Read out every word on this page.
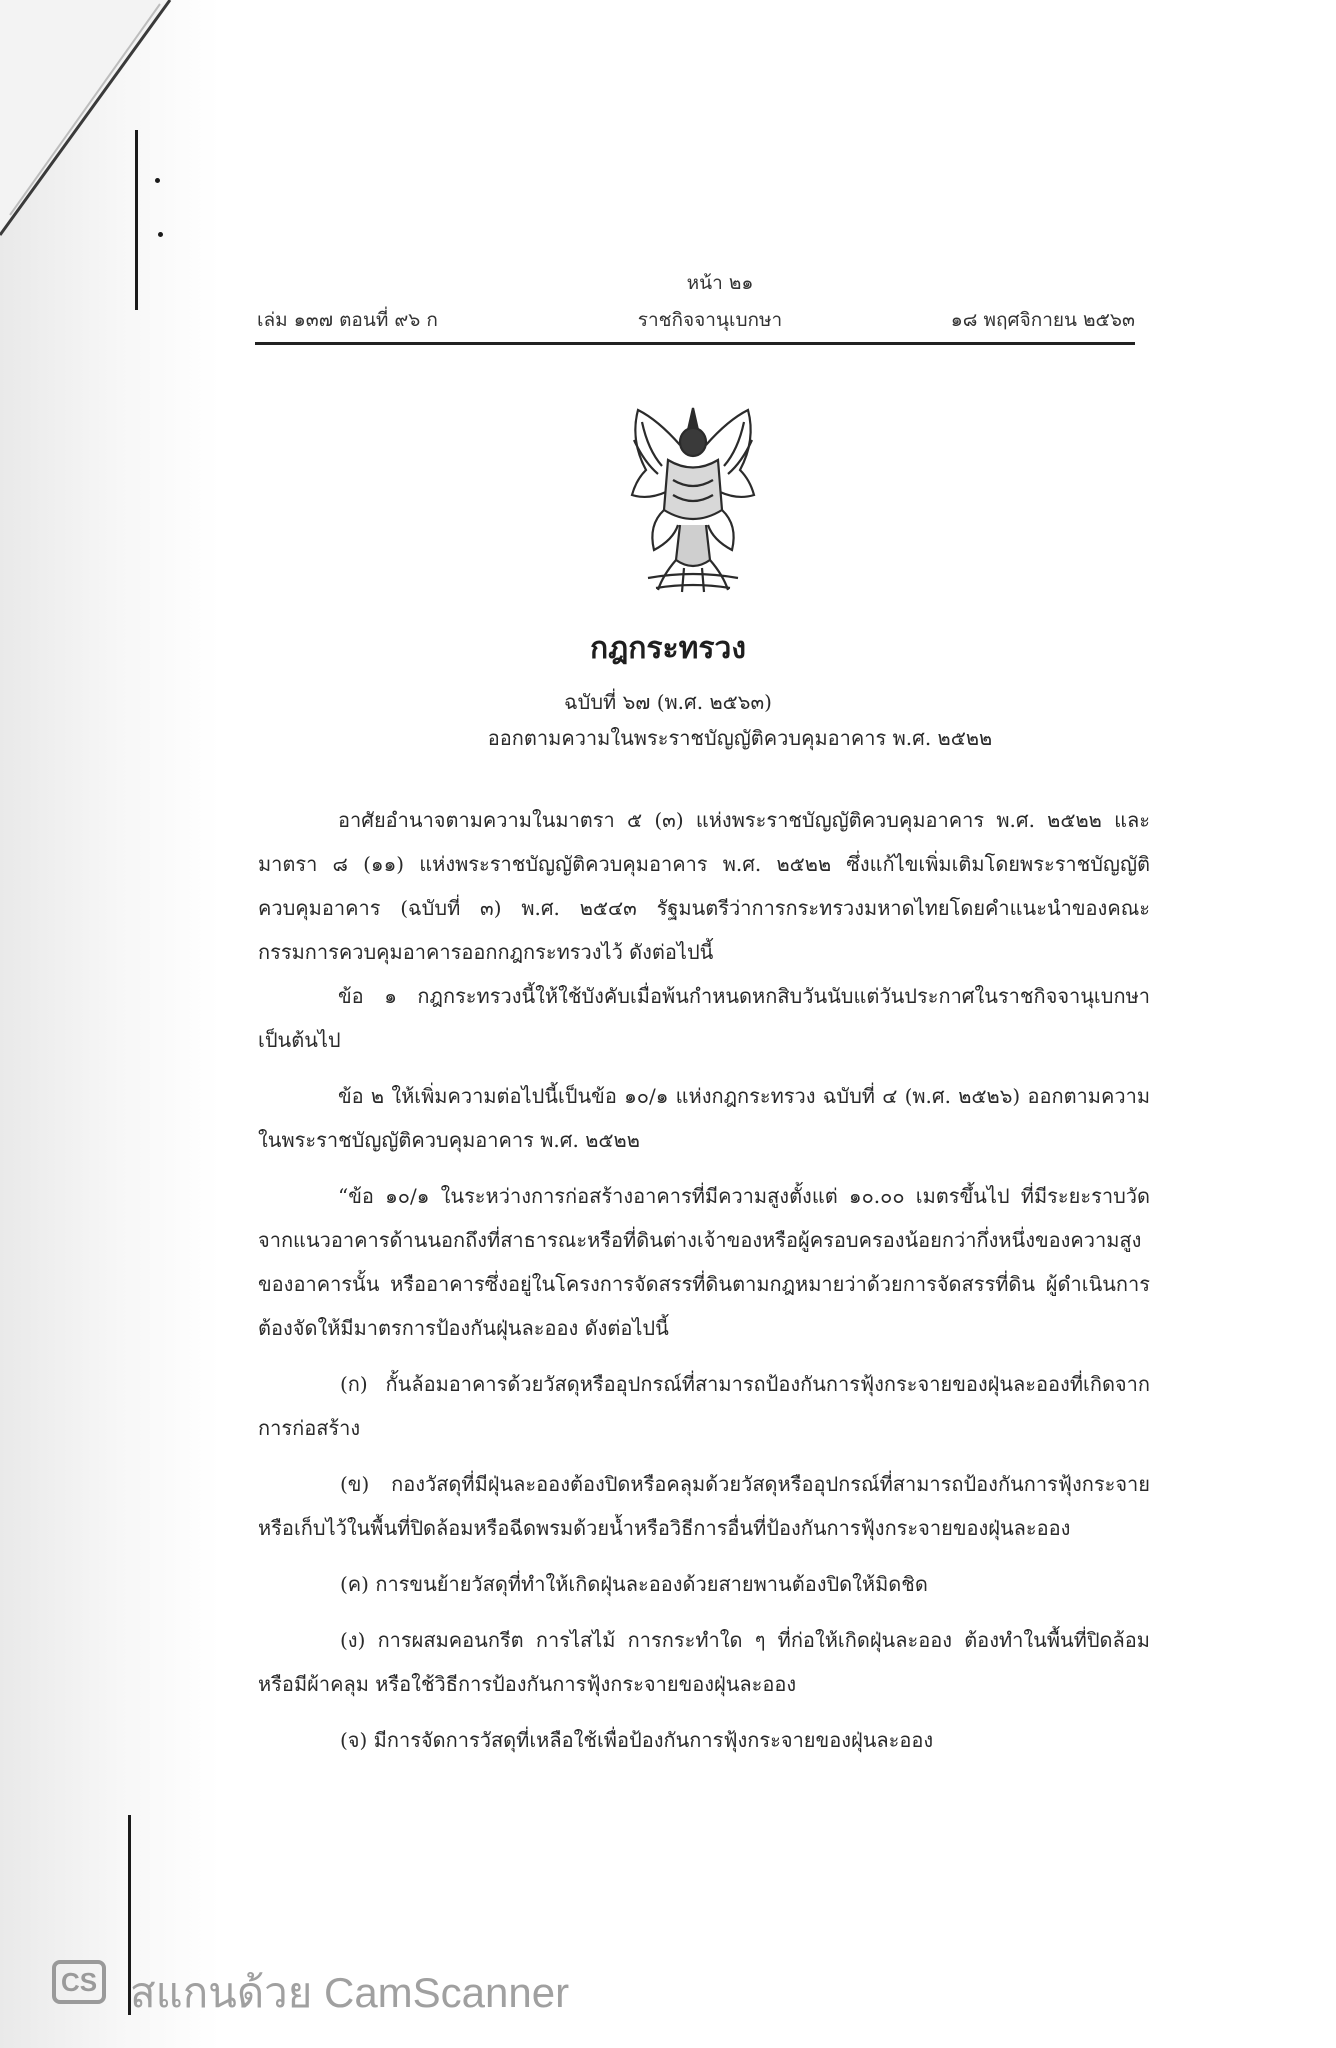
หน้า ๒๑
เล่ม ๑๓๗ ตอนที่ ๙๖ ก	ราชกิจจานุเบกษา	๑๘ พฤศจิกายน ๒๕๖๓
กฎกระทรวง
ฉบับที่ ๖๗ (พ.ศ. ๒๕๖๓)
ออกตามความในพระราชบัญญัติควบคุมอาคาร พ.ศ. ๒๕๒๒

อาศัยอำนาจตามความในมาตรา ๕ (๓) แห่งพระราชบัญญัติควบคุมอาคาร พ.ศ. ๒๕๒๒ และมาตรา ๘ (๑๑) แห่งพระราชบัญญัติควบคุมอาคาร พ.ศ. ๒๕๒๒ ซึ่งแก้ไขเพิ่มเติมโดยพระราชบัญญัติควบคุมอาคาร (ฉบับที่ ๓) พ.ศ. ๒๕๔๓ รัฐมนตรีว่าการกระทรวงมหาดไทยโดยคำแนะนำของคณะกรรมการควบคุมอาคารออกกฎกระทรวงไว้ ดังต่อไปนี้

ข้อ ๑ กฎกระทรวงนี้ให้ใช้บังคับเมื่อพ้นกำหนดหกสิบวันนับแต่วันประกาศในราชกิจจานุเบกษาเป็นต้นไป

ข้อ ๒ ให้เพิ่มความต่อไปนี้เป็นข้อ ๑๐/๑ แห่งกฎกระทรวง ฉบับที่ ๔ (พ.ศ. ๒๕๒๖) ออกตามความในพระราชบัญญัติควบคุมอาคาร พ.ศ. ๒๕๒๒

“ข้อ ๑๐/๑ ในระหว่างการก่อสร้างอาคารที่มีความสูงตั้งแต่ ๑๐.๐๐ เมตรขึ้นไป ที่มีระยะราบวัดจากแนวอาคารด้านนอกถึงที่สาธารณะหรือที่ดินต่างเจ้าของหรือผู้ครอบครองน้อยกว่ากึ่งหนึ่งของความสูงของอาคารนั้น หรืออาคารซึ่งอยู่ในโครงการจัดสรรที่ดินตามกฎหมายว่าด้วยการจัดสรรที่ดิน ผู้ดำเนินการต้องจัดให้มีมาตรการป้องกันฝุ่นละออง ดังต่อไปนี้

(ก) กั้นล้อมอาคารด้วยวัสดุหรืออุปกรณ์ที่สามารถป้องกันการฟุ้งกระจายของฝุ่นละอองที่เกิดจากการก่อสร้าง

(ข) กองวัสดุที่มีฝุ่นละอองต้องปิดหรือคลุมด้วยวัสดุหรืออุปกรณ์ที่สามารถป้องกันการฟุ้งกระจายหรือเก็บไว้ในพื้นที่ปิดล้อมหรือฉีดพรมด้วยน้ำหรือวิธีการอื่นที่ป้องกันการฟุ้งกระจายของฝุ่นละออง

(ค) การขนย้ายวัสดุที่ทำให้เกิดฝุ่นละอองด้วยสายพานต้องปิดให้มิดชิด

(ง) การผสมคอนกรีต การไสไม้ การกระทำใด ๆ ที่ก่อให้เกิดฝุ่นละออง ต้องทำในพื้นที่ปิดล้อมหรือมีผ้าคลุม หรือใช้วิธีการป้องกันการฟุ้งกระจายของฝุ่นละออง

(จ) มีการจัดการวัสดุที่เหลือใช้เพื่อป้องกันการฟุ้งกระจายของฝุ่นละออง

CS สแกนด้วย CamScanner
